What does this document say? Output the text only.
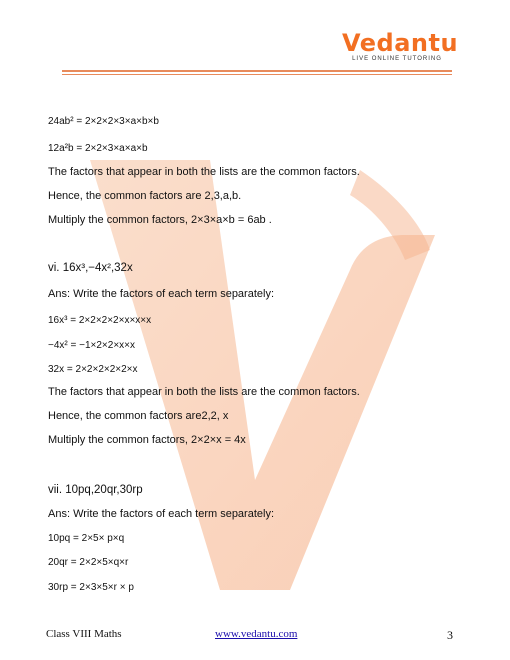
Vedantu
LIVE ONLINE TUTORING
24ab² = 2×2×2×3×a×b×b
12a²b = 2×2×3×a×a×b
The factors that appear in both the lists are the common factors.
Hence, the common factors are 2,3,a,b.
Multiply the common factors, 2×3×a×b = 6ab .
vi. 16x³,−4x²,32x
Ans: Write the factors of each term separately:
16x³ = 2×2×2×2×x×x×x
−4x² = −1×2×2×x×x
32x = 2×2×2×2×2×x
The factors that appear in both the lists are the common factors.
Hence, the common factors are2,2, x
Multiply the common factors, 2×2×x = 4x
vii. 10pq,20qr,30rp
Ans: Write the factors of each term separately:
10pq = 2×5× p×q
20qr = 2×2×5×q×r
30rp = 2×3×5×r × p
Class VIII Maths	www.vedantu.com	3
